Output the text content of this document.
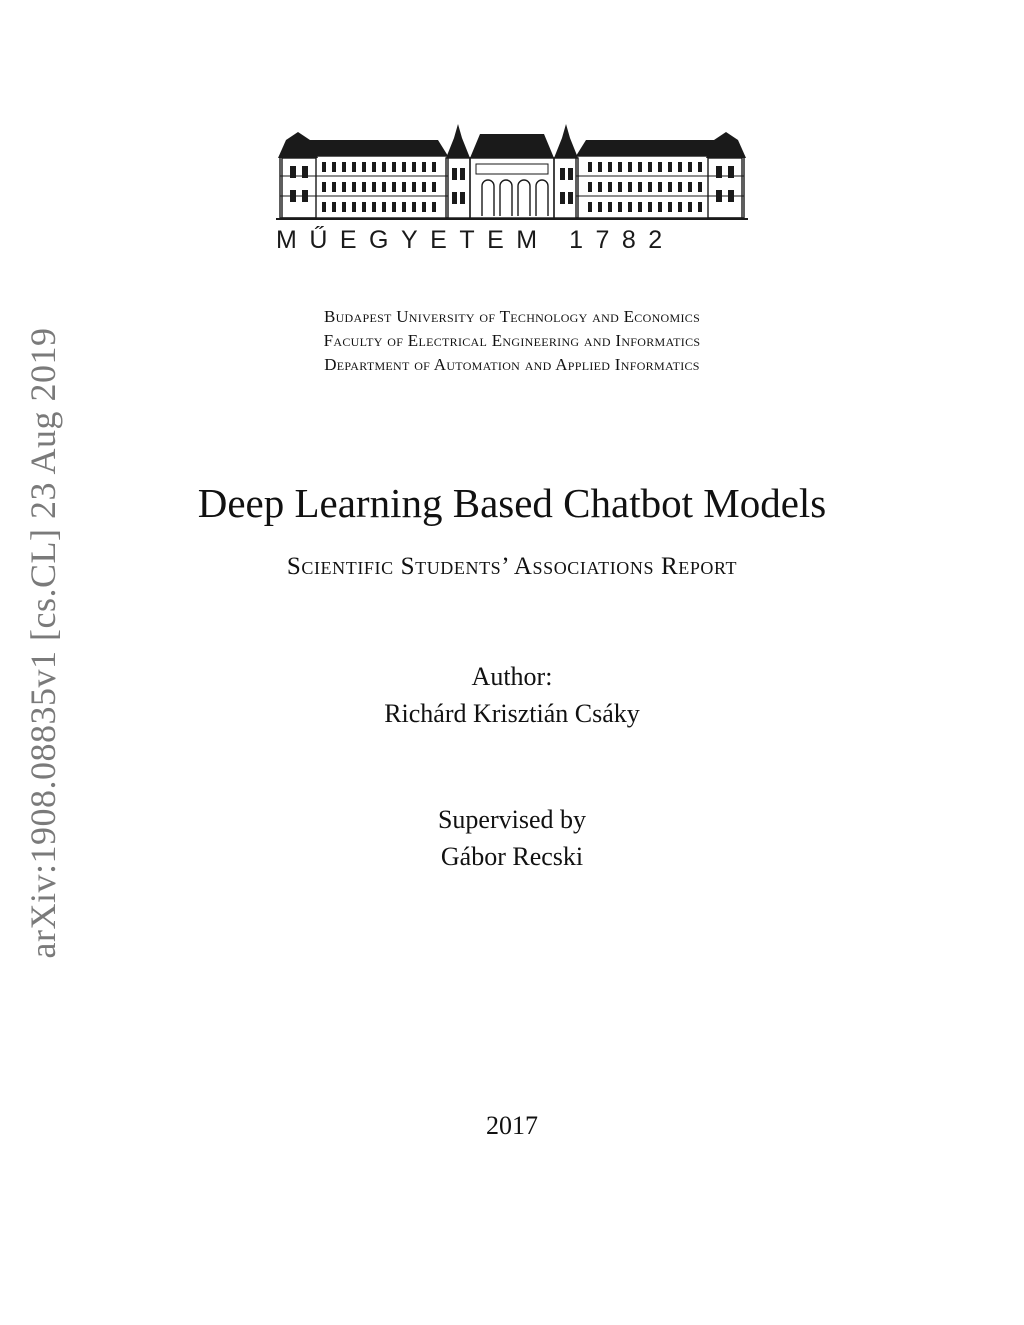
arXiv:1908.08835v1 [cs.CL] 23 Aug 2019
MŰEGYETEM 1782
Budapest University of Technology and Economics
Faculty of Electrical Engineering and Informatics
Department of Automation and Applied Informatics
Deep Learning Based Chatbot Models
Scientific Students’ Associations Report
Author:
Richárd Krisztián Csáky
Supervised by
Gábor Recski
2017
